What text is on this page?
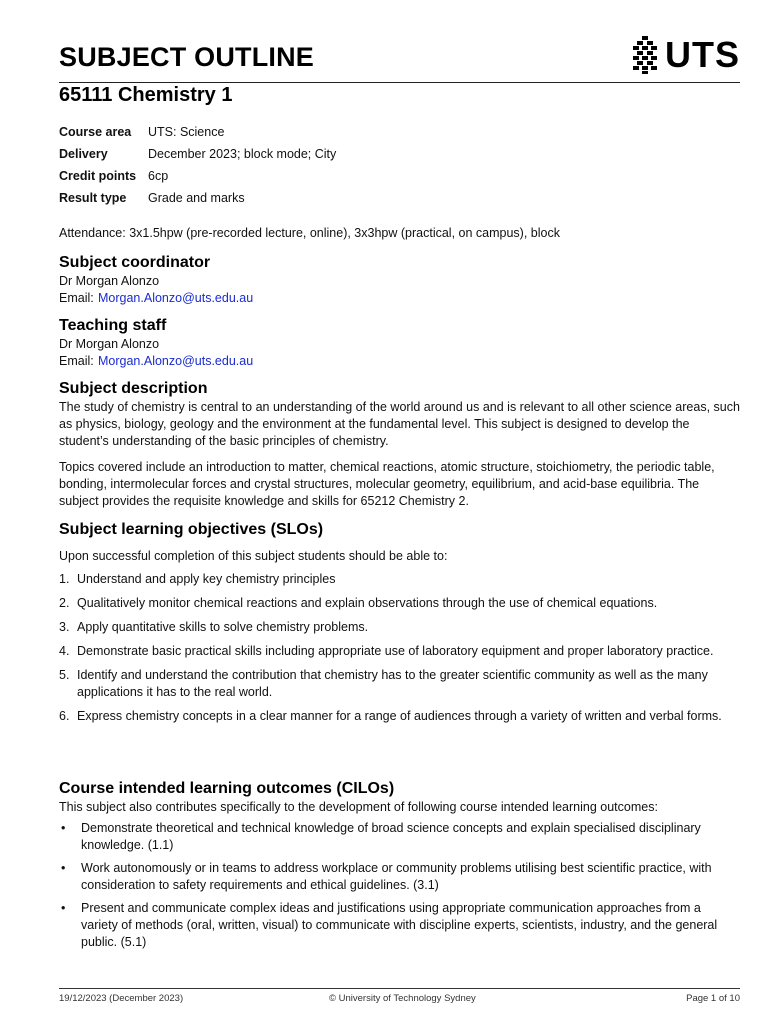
SUBJECT OUTLINE	UTS
65111 Chemistry 1
Course area	UTS: Science
Delivery	December 2023; block mode; City
Credit points 6cp
Result type	Grade and marks
Attendance: 3x1.5hpw (pre-recorded lecture, online), 3x3hpw (practical, on campus), block
Subject coordinator
Dr Morgan Alonzo
Email: Morgan.Alonzo@uts.edu.au
Teaching staff
Dr Morgan Alonzo
Email: Morgan.Alonzo@uts.edu.au
Subject description

The study of chemistry is central to an understanding of the world around us and is relevant to all other science areas, such as physics, biology, geology and the environment at the fundamental level. This subject is designed to develop the student’s understanding of the basic principles of chemistry.

Topics covered include an introduction to matter, chemical reactions, atomic structure, stoichiometry, the periodic table, bonding, intermolecular forces and crystal structures, molecular geometry, equilibrium, and acid-base equilibria. The subject provides the requisite knowledge and skills for 65212 Chemistry 2.

Subject learning objectives (SLOs)

Upon successful completion of this subject students should be able to:

1. Understand and apply key chemistry principles
2. Qualitatively monitor chemical reactions and explain observations through the use of chemical equations.
3. Apply quantitative skills to solve chemistry problems.
4. Demonstrate basic practical skills including appropriate use of laboratory equipment and proper laboratory practice.
5. Identify and understand the contribution that chemistry has to the greater scientific community as well as the many applications it has to the real world.
6. Express chemistry concepts in a clear manner for a range of audiences through a variety of written and verbal forms.
Course intended learning outcomes (CILOs)

This subject also contributes specifically to the development of following course intended learning outcomes:

•	Demonstrate theoretical and technical knowledge of broad science concepts and explain specialised disciplinary knowledge. (1.1)
•	Work autonomously or in teams to address workplace or community problems utilising best scientific practice, with consideration to safety requirements and ethical guidelines. (3.1)
•	Present and communicate complex ideas and justifications using appropriate communication approaches from a variety of methods (oral, written, visual) to communicate with discipline experts, scientists, industry, and the general public. (5.1)
19/12/2023 (December 2023)	© University of Technology Sydney	Page 1 of 10
